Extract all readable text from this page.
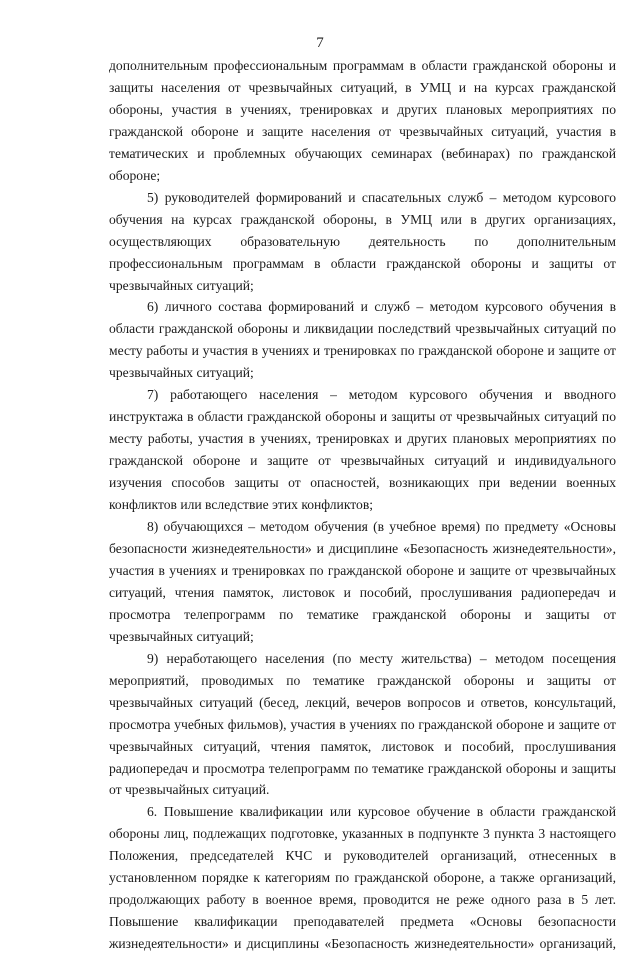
7

дополнительным профессиональным программам в области гражданской обороны и защиты населения от чрезвычайных ситуаций, в УМЦ и на курсах гражданской обороны, участия в учениях, тренировках и других плановых мероприятиях по гражданской обороне и защите населения от чрезвычайных ситуаций, участия в тематических и проблемных обучающих семинарах (вебинарах) по гражданской обороне;

5) руководителей формирований и спасательных служб – методом курсового обучения на курсах гражданской обороны, в УМЦ или в других организациях, осуществляющих образовательную деятельность по дополнительным профессиональным программам в области гражданской обороны и защиты от чрезвычайных ситуаций;

6) личного состава формирований и служб – методом курсового обучения в области гражданской обороны и ликвидации последствий чрезвычайных ситуаций по месту работы и участия в учениях и тренировках по гражданской обороне и защите от чрезвычайных ситуаций;

7) работающего населения – методом курсового обучения и вводного инструктажа в области гражданской обороны и защиты от чрезвычайных ситуаций по месту работы, участия в учениях, тренировках и других плановых мероприятиях по гражданской обороне и защите от чрезвычайных ситуаций и индивидуального изучения способов защиты от опасностей, возникающих при ведении военных конфликтов или вследствие этих конфликтов;

8) обучающихся – методом обучения (в учебное время) по предмету «Основы безопасности жизнедеятельности» и дисциплине «Безопасность жизнедеятельности», участия в учениях и тренировках по гражданской обороне и защите от чрезвычайных ситуаций, чтения памяток, листовок и пособий, прослушивания радиопередач и просмотра телепрограмм по тематике гражданской обороны и защиты от чрезвычайных ситуаций;

9) неработающего населения (по месту жительства) – методом посещения мероприятий, проводимых по тематике гражданской обороны и защиты от чрезвычайных ситуаций (бесед, лекций, вечеров вопросов и ответов, консультаций, просмотра учебных фильмов), участия в учениях по гражданской обороне и защите от чрезвычайных ситуаций, чтения памяток, листовок и пособий, прослушивания радиопередач и просмотра телепрограмм по тематике гражданской обороны и защиты от чрезвычайных ситуаций.

6. Повышение квалификации или курсовое обучение в области гражданской обороны лиц, подлежащих подготовке, указанных в подпункте 3 пункта 3 настоящего Положения, председателей КЧС и руководителей организаций, отнесенных в установленном порядке к категориям по гражданской обороне, а также организаций, продолжающих работу в военное время, проводится не реже одного раза в 5 лет. Повышение квалификации преподавателей предмета «Основы безопасности жизнедеятельности» и дисциплины «Безопасность жизнедеятельности» организаций,
